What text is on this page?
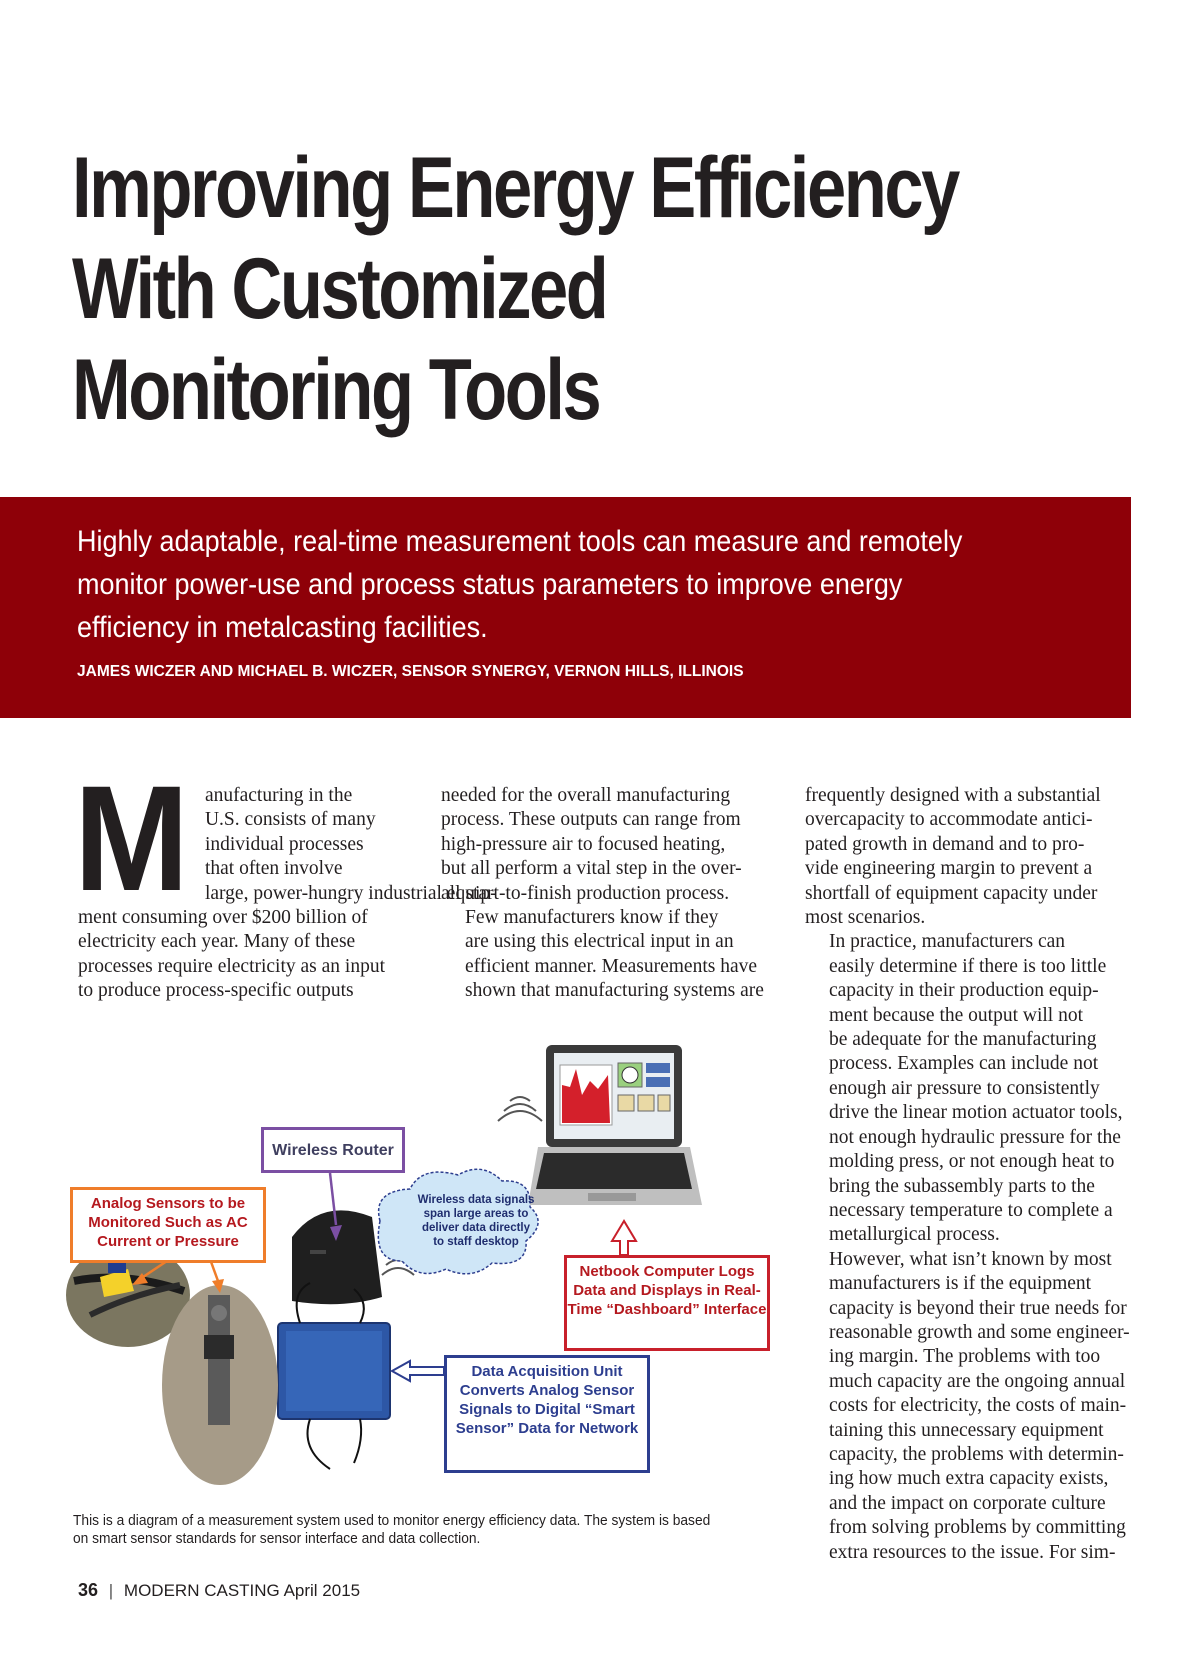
Improving Energy Efficiency
With Customized
Monitoring Tools

Highly adaptable, real-time measurement tools can measure and remotely monitor power-use and process status parameters to improve energy efficiency in metalcasting facilities.

JAMES WICZER AND MICHAEL B. WICZER, SENSOR SYNERGY, VERNON HILLS, ILLINOIS

M anufacturing in the
U.S. consists of many
individual processes
that often involve
large, power-hungry industrial equip-
ment consuming over $200 billion of
electricity each year. Many of these
processes require electricity as an input
to produce process-specific outputs

needed for the overall manufacturing
process. These outputs can range from
high-pressure air to focused heating,
but all perform a vital step in the over-
all start-to-finish production process.

Few manufacturers know if they
are using this electrical input in an
efficient manner. Measurements have
shown that manufacturing systems are

frequently designed with a substantial
overcapacity to accommodate antici-
pated growth in demand and to pro-
vide engineering margin to prevent a
shortfall of equipment capacity under
most scenarios.

In practice, manufacturers can
easily determine if there is too little
capacity in their production equip-
ment because the output will not
be adequate for the manufacturing
process. Examples can include not
enough air pressure to consistently
drive the linear motion actuator tools,
not enough hydraulic pressure for the
molding press, or not enough heat to
bring the subassembly parts to the
necessary temperature to complete a
metallurgical process.

However, what isn’t known by most
manufacturers is if the equipment
capacity is beyond their true needs for
reasonable growth and some engineer-
ing margin. The problems with too
much capacity are the ongoing annual
costs for electricity, the costs of main-
taining this unnecessary equipment
capacity, the problems with determin-
ing how much extra capacity exists,
and the impact on corporate culture
from solving problems by committing
extra resources to the issue. For sim-

Wireless Router
Analog Sensors to be Monitored Such as AC Current or Pressure
Wireless data signals span large areas to deliver data directly to staff desktop
Netbook Computer Logs Data and Displays in Real-Time “Dashboard” Interface
Data Acquisition Unit Converts Analog Sensor Signals to Digital “Smart Sensor” Data for Network

This is a diagram of a measurement system used to monitor energy efficiency data. The system is based on smart sensor standards for sensor interface and data collection.

36 | MODERN CASTING April 2015
